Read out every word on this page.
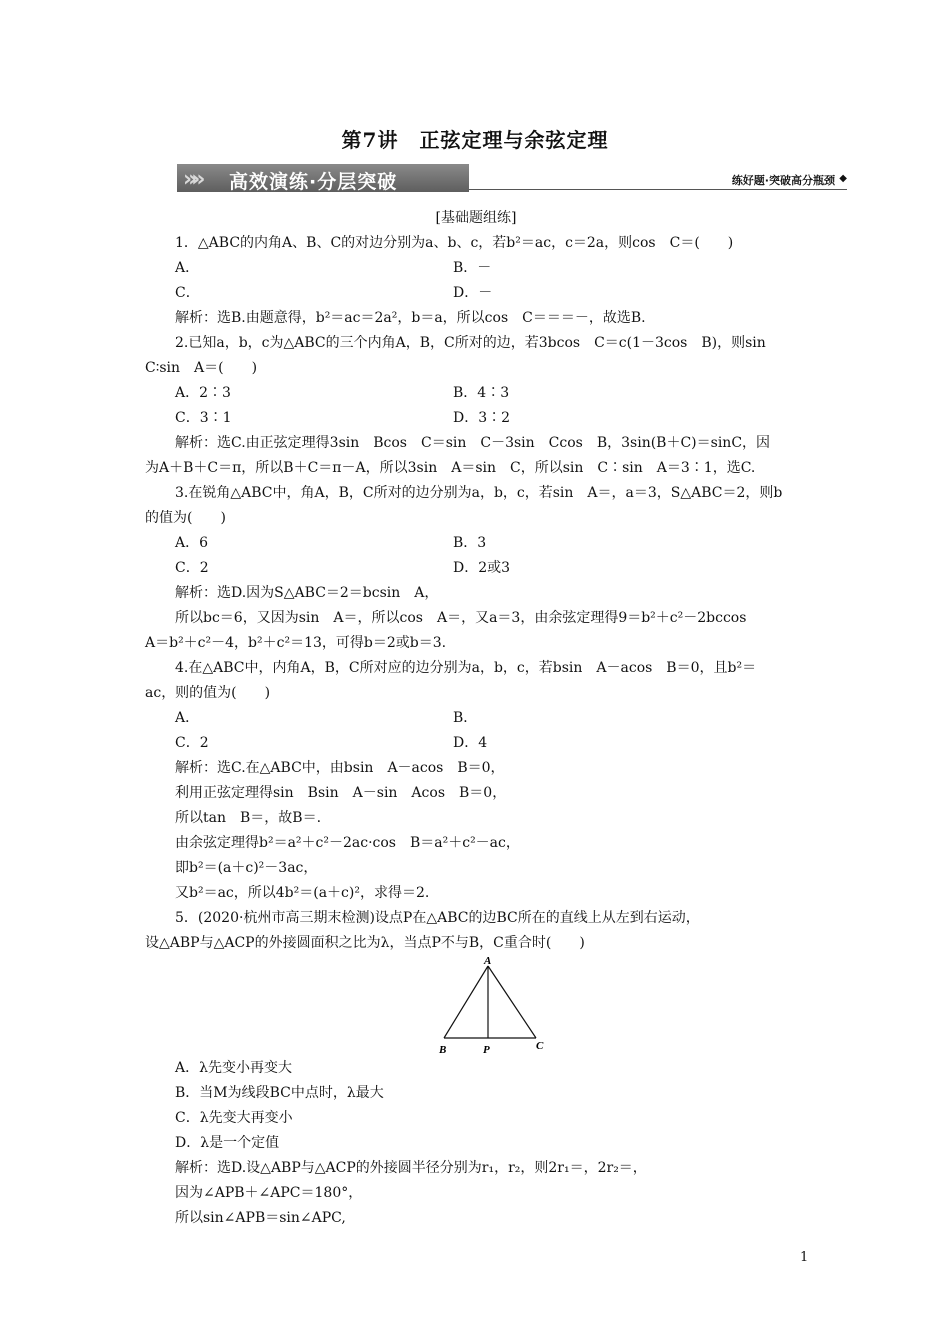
第7讲　正弦定理与余弦定理
»» 高效演练·分层突破	练好题·突破高分瓶颈 ◆
[基础题组练]
1．△ABC的内角A、B、C的对边分别为a、b、c，若b²＝ac，c＝2a，则cos　C＝(　　)
A．	B．－
C．	D．－
解析：选B.由题意得，b²＝ac＝2a²，b＝a，所以cos　C＝＝＝－，故选B.
2.已知a，b，c为△ABC的三个内角A，B，C所对的边，若3bcos　C＝c(1－3cos　B)，则sin
C∶sin　A＝(　　)
A．2∶3	B．4∶3
C．3∶1	D．3∶2
解析：选C.由正弦定理得3sin　Bcos　C＝sin　C－3sin　Ccos　B，3sin(B＋C)＝sinC，因
为A＋B＋C＝π，所以B＋C＝π－A，所以3sin　A＝sin　C，所以sin　C∶sin　A＝3∶1，选C.
3.在锐角△ABC中，角A，B，C所对的边分别为a，b，c，若sin　A＝，a＝3，S△ABC＝2，则b
的值为(　　)
A．6	B．3
C．2	D．2或3
解析：选D.因为S△ABC＝2＝bcsin　A，
所以bc＝6，又因为sin　A＝，所以cos　A＝，又a＝3，由余弦定理得9＝b²＋c²－2bccos
A＝b²＋c²－4，b²＋c²＝13，可得b＝2或b＝3.
4.在△ABC中，内角A，B，C所对应的边分别为a，b，c，若bsin　A－acos　B＝0，且b²＝
ac，则的值为(　　)
A．	B．
C．2	D．4
解析：选C.在△ABC中，由bsin　A－acos　B＝0，
利用正弦定理得sin　Bsin　A－sin　Acos　B＝0，
所以tan　B＝，故B＝.
由余弦定理得b²＝a²＋c²－2ac·cos　B＝a²＋c²－ac，
即b²＝(a＋c)²－3ac，
又b²＝ac，所以4b²＝(a＋c)²，求得＝2.
5．(2020·杭州市高三期末检测)设点P在△ABC的边BC所在的直线上从左到右运动，
设△ABP与△ACP的外接圆面积之比为λ，当点P不与B，C重合时(　　)
A
B	P	C
A．λ先变小再变大
B．当M为线段BC中点时，λ最大
C．λ先变大再变小
D．λ是一个定值
解析：选D.设△ABP与△ACP的外接圆半径分别为r₁，r₂，则2r₁＝，2r₂＝，
因为∠APB＋∠APC＝180°，
所以sin∠APB＝sin∠APC,
1
